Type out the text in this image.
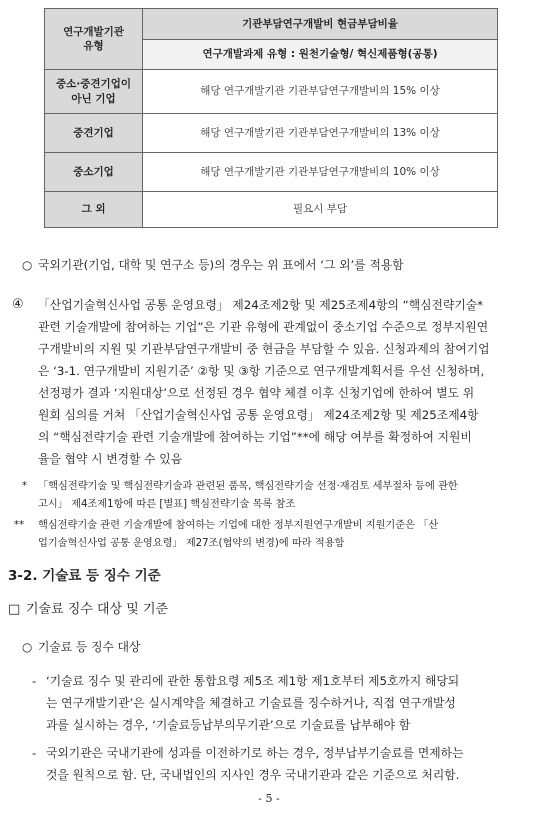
연구개발기관
유형	기관부담연구개발비 현금부담비율
	연구개발과제 유형 : 원천기술형/ 혁신제품형(공통)
중소·중견기업이
아닌 기업	해당 연구개발기관 기관부담연구개발비의 15% 이상
중견기업	해당 연구개발기관 기관부담연구개발비의 13% 이상
중소기업	해당 연구개발기관 기관부담연구개발비의 10% 이상
그 외	필요시 부담
○ 국외기관(기업, 대학 및 연구소 등)의 경우는 위 표에서 ‘그 외’를 적용함

④ 「산업기술혁신사업 공통 운영요령」 제24조제2항 및 제25조제4항의 “핵심전략기술*

관련 기술개발에 참여하는 기업”은 기관 유형에 관계없이 중소기업 수준으로 정부지원연

구개발비의 지원 및 기관부담연구개발비 중 현금을 부담할 수 있음. 신청과제의 참여기업

은 ‘3-1. 연구개발비 지원기준’ ②항 및 ③항 기준으로 연구개발계획서를 우선 신청하며,

선정평가 결과 ‘지원대상’으로 선정된 경우 협약 체결 이후 신청기업에 한하여 별도 위

원회 심의를 거쳐 「산업기술혁신사업 공통 운영요령」 제24조제2항 및 제25조제4항

의 “핵심전략기술 관련 기술개발에 참여하는 기업”**에 해당 여부를 확정하여 지원비

율을 협약 시 변경할 수 있음

* 「핵심전략기술 및 핵심전략기술과 관련된 품목, 핵심전략기술 선정·재검토 세부절차 등에 관한

고시」 제4조제1항에 따른 [별표] 핵심전략기술 목록 참조

** 핵심전략기술 관련 기술개발에 참여하는 기업에 대한 정부지원연구개발비 지원기준은 「산

업기술혁신사업 공통 운영요령」 제27조(협약의 변경)에 따라 적용함

3-2. 기술료 등 징수 기준
□ 기술료 징수 대상 및 기준
○ 기술료 등 징수 대상

- ‘기술료 징수 및 관리에 관한 통합요령 제5조 제1항 제1호부터 제5호까지 해당되

는 연구개발기관’은 실시계약을 체결하고 기술료를 징수하거나, 직접 연구개발성

과를 실시하는 경우, ‘기술료등납부의무기관’으로 기술료를 납부해야 함

- 국외기관은 국내기관에 성과를 이전하기로 하는 경우, 정부납부기술료를 면제하는

것을 원칙으로 함. 단, 국내법인의 지사인 경우 국내기관과 같은 기준으로 처리함.

- 5 -
